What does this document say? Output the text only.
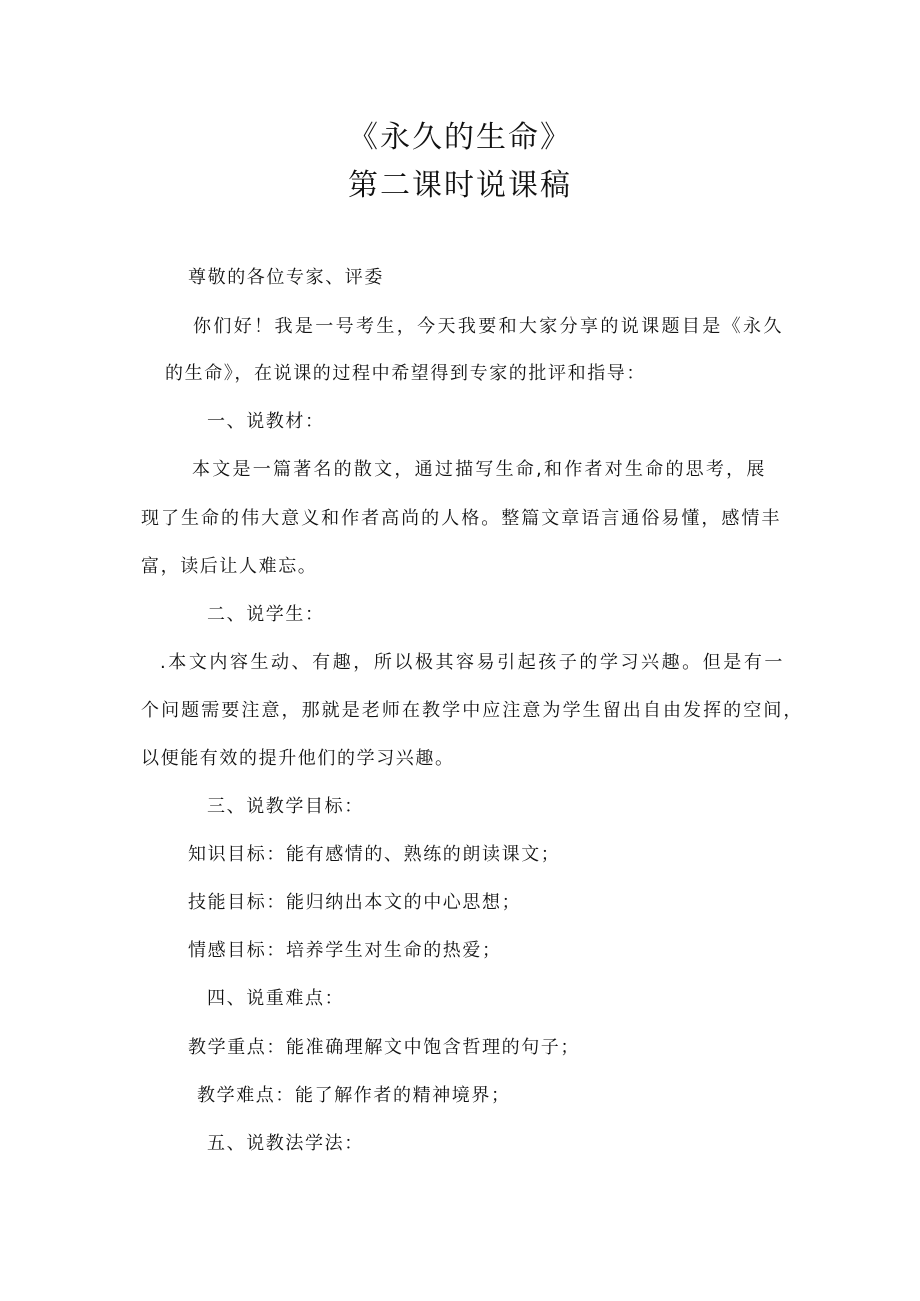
《永久的生命》
第二课时说课稿
尊敬的各位专家、评委
你们好！我是一号考生，今天我要和大家分享的说课题目是《永久
的生命》，在说课的过程中希望得到专家的批评和指导：
一、说教材：
本文是一篇著名的散文，通过描写生命,和作者对生命的思考，展
现了生命的伟大意义和作者高尚的人格。整篇文章语言通俗易懂，感情丰
富，读后让人难忘。
二、说学生：
.本文内容生动、有趣，所以极其容易引起孩子的学习兴趣。但是有一
个问题需要注意，那就是老师在教学中应注意为学生留出自由发挥的空间，
以便能有效的提升他们的学习兴趣。
三、说教学目标：
知识目标：能有感情的、熟练的朗读课文；
技能目标：能归纳出本文的中心思想；
情感目标：培养学生对生命的热爱；
四、说重难点：
教学重点：能准确理解文中饱含哲理的句子；
教学难点：能了解作者的精神境界；
五、说教法学法：
